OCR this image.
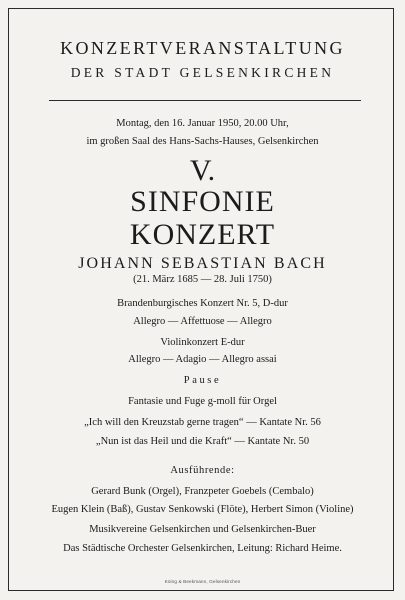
KONZERTVERANSTALTUNG
DER STADT GELSENKIRCHEN
Montag, den 16. Januar 1950, 20.00 Uhr,
im großen Saal des Hans-Sachs-Hauses, Gelsenkirchen
V.
SINFONIE
KONZERT
JOHANN SEBASTIAN BACH
(21. März 1685 — 28. Juli 1750)
Brandenburgisches Konzert Nr. 5, D-dur
Allegro — Affettuose — Allegro
Violinkonzert E-dur
Allegro — Adagio — Allegro assai
Pause
Fantasie und Fuge g-moll für Orgel
„Ich will den Kreuzstab gerne tragen“ — Kantate Nr. 56
„Nun ist das Heil und die Kraft“ — Kantate Nr. 50
Ausführende:
Gerard Bunk (Orgel), Franzpeter Goebels (Cembalo)
Eugen Klein (Baß), Gustav Senkowski (Flöte), Herbert Simon (Violine)
Musikvereine Gelsenkirchen und Gelsenkirchen-Buer
Das Städtische Orchester Gelsenkirchen, Leitung: Richard Heime.
Köing & Beekmann, Gelsenkirchen
